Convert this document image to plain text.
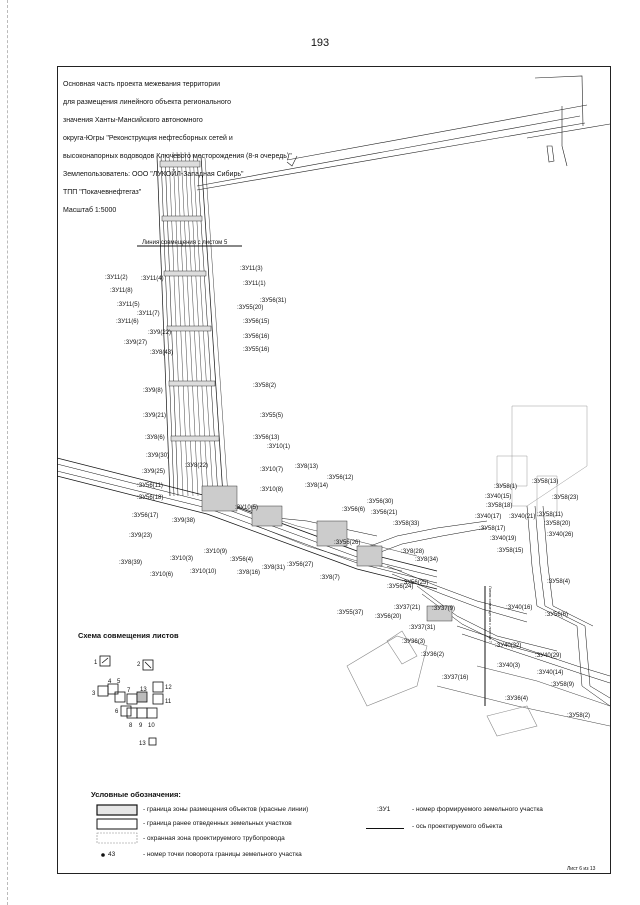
193

Основная часть проекта межевания территории

для размещения линейного объекта регионального

значения Ханты-Мансийского автономного

округа-Югры "Реконструкция нефтесборных сетей и

высоконапорных водоводов Ключевого месторождения (8-я очередь)"

Землепользователь: ООО "ЛУКОЙЛ-Западная Сибирь"

ТПП "Покачевнефтегаз"

Масштаб 1:5000

Линия совмещения с листом 5
Линия совмещения с листом 7
:ЗУ11(2) :ЗУ11(4)
:ЗУ11(8)
:ЗУ11(5)
:ЗУ11(7)
:ЗУ11(6)
:ЗУ9(22)
:ЗУ9(27)
:ЗУ8(43)
:ЗУ11(3)
:ЗУ11(1)
:ЗУ56(31)
:ЗУ55(20)
:ЗУ56(15)
:ЗУ56(16)
:ЗУ55(16)
:ЗУ58(2)
:ЗУ9(8)
:ЗУ9(21)	:ЗУ55(5)
:ЗУ8(6)	:ЗУ56(13)
:ЗУ10(1)
:ЗУ9(30)
:ЗУ9(25)
:ЗУ8(22)
:ЗУ10(7) :ЗУ8(13)
:ЗУ56(12)
:ЗУ56(11)
:ЗУ56(18)
:ЗУ10(8)
:ЗУ8(14)
:ЗУ56(30)
:ЗУ56(17)
:ЗУ9(38)
:ЗУ10(5)	:ЗУ56(6) :ЗУ56(21)
:ЗУ58(33)
:ЗУ9(23)
:ЗУ10(3)
:ЗУ10(9)
:ЗУ8(39)
:ЗУ10(6)	:ЗУ10(10)
:ЗУ56(4)
:ЗУ8(16)
:ЗУ8(31) :ЗУ56(27)
:ЗУ8(7)
:ЗУ56(26)
:ЗУ8(28)
:ЗУ8(34)
:ЗУ55(37)
:ЗУ56(20)
:ЗУ56(24)
:ЗУ56(25)
:ЗУ37(21) :ЗУ37(9)
:ЗУ37(31)
:ЗУ36(3)
:ЗУ36(2)
:ЗУ37(16)
:ЗУ58(13)
:ЗУ58(1)
:ЗУ40(15)	:ЗУ58(23)
:ЗУ58(18)
:ЗУ58(11)
:ЗУ40(17) :ЗУ40(21)
:ЗУ58(20)
:ЗУ58(17)
:ЗУ40(19)
:ЗУ40(26)
:ЗУ58(15)
:ЗУ58(4)
:ЗУ40(16)
:ЗУ56(6)
:ЗУ40(32)
:ЗУ40(29)
:ЗУ40(3)
:ЗУ40(14)
:ЗУ58(9)
:ЗУ36(4)
:ЗУ58(2)
1	2
3
4 5
6
7
8 9 10
11
12
13
13
Схема совмещения листов
Условные обозначения:
- граница зоны размещения объектов (красные линии)
- граница ранее отведенных земельных участков
- охранная зона проектируемого трубопровода
- номер точки поворота границы земельного участка
43
:ЗУ1	- номер формируемого земельного участка
- ось проектируемого объекта
Лист 6 из 13
